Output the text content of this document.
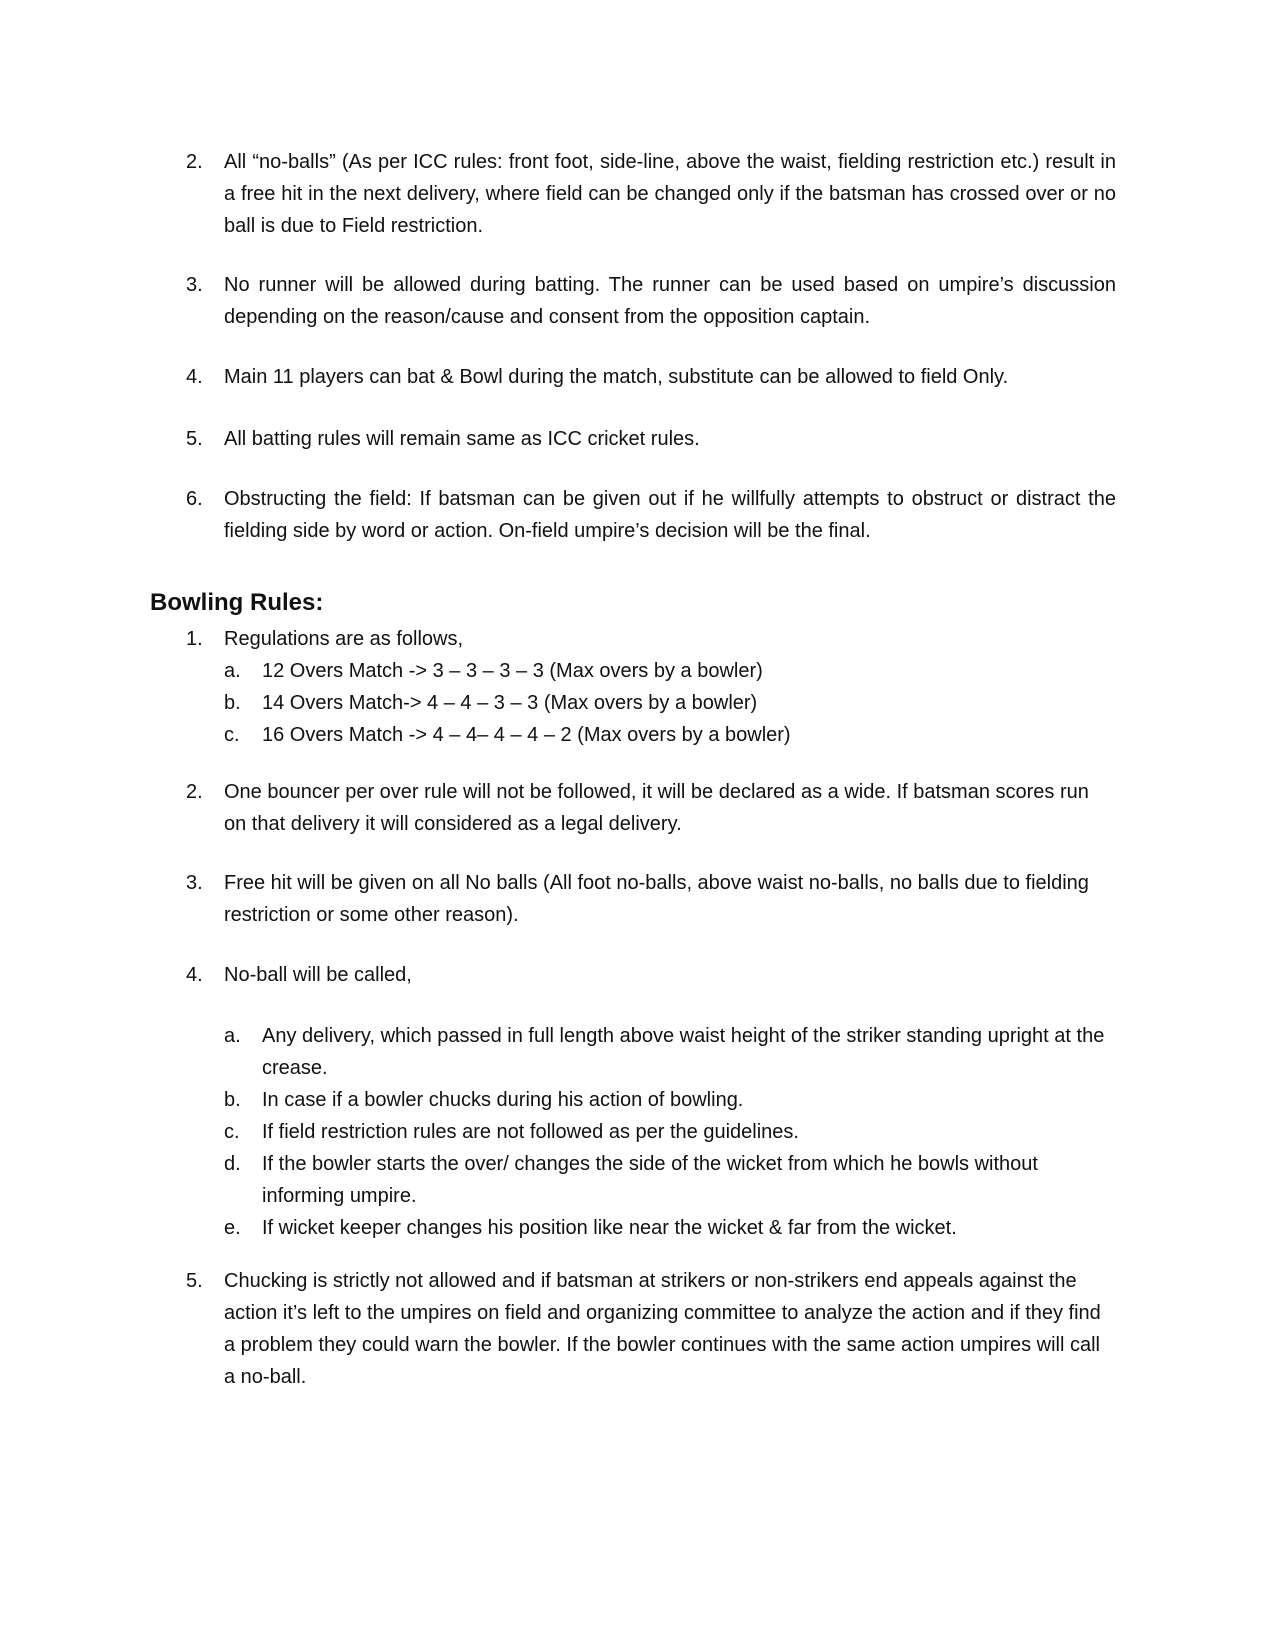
2.	All “no-balls” (As per ICC rules: front foot, side-line, above the waist, fielding restriction etc.) result in a free hit in the next delivery, where field can be changed only if the batsman has crossed over or no ball is due to Field restriction.
3.	No runner will be allowed during batting. The runner can be used based on umpire’s discussion depending on the reason/cause and consent from the opposition captain.
4.	Main 11 players can bat & Bowl during the match, substitute can be allowed to field Only.
5.	All batting rules will remain same as ICC cricket rules.
6.	Obstructing the field: If batsman can be given out if he willfully attempts to obstruct or distract the fielding side by word or action. On-field umpire’s decision will be the final.
Bowling Rules:
1.	Regulations are as follows,
a. 12 Overs Match -> 3 – 3 – 3 – 3 (Max overs by a bowler)
b. 14 Overs Match-> 4 – 4 – 3 – 3 (Max overs by a bowler)
c. 16 Overs Match -> 4 – 4– 4 – 4 – 2 (Max overs by a bowler)
2.	One bouncer per over rule will not be followed, it will be declared as a wide. If batsman scores run on that delivery it will considered as a legal delivery.
3.	Free hit will be given on all No balls (All foot no-balls, above waist no-balls, no balls due to fielding restriction or some other reason).
4.	No-ball will be called,
a. Any delivery, which passed in full length above waist height of the striker standing upright at the crease.
b. In case if a bowler chucks during his action of bowling.
c. If field restriction rules are not followed as per the guidelines.
d. If the bowler starts the over/ changes the side of the wicket from which he bowls without informing umpire.
e. If wicket keeper changes his position like near the wicket & far from the wicket.
5.	Chucking is strictly not allowed and if batsman at strikers or non-strikers end appeals against the action it’s left to the umpires on field and organizing committee to analyze the action and if they find a problem they could warn the bowler. If the bowler continues with the same action umpires will call a no-ball.
